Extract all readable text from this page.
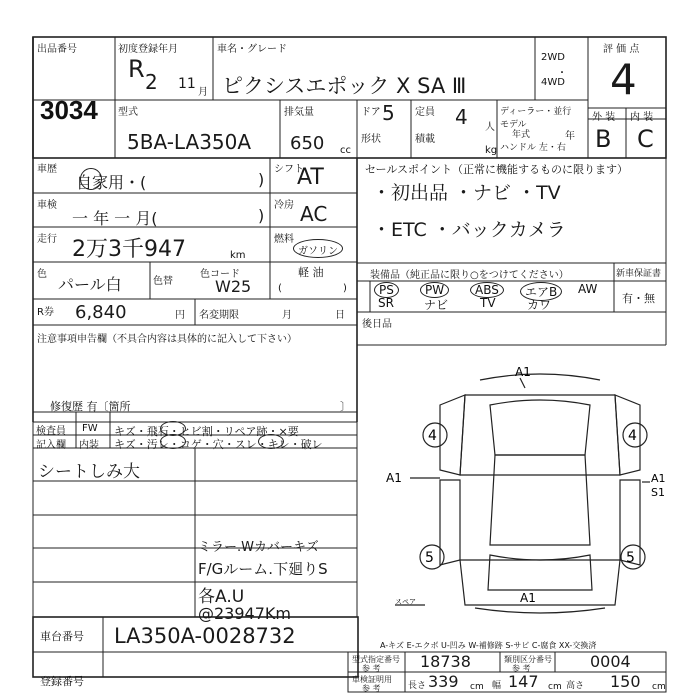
出品番号
3034
初度登録年月
R 2 11
月
車名・グレード
ピクシスエポック X SA Ⅲ
2WD
・
4WD
評 価 点
4
型式
5BA-LA350A
排気量
650 cc
ドア 5
形状
定員 4 人
積載
kg
ディーラー・並行
モデル
年式	年
ハンドル 左・右
外 装 内 装
B C
車歴
自家用・(	)
車検
一 年 一 月(	)
走行 2万3千947	km
色
パール白	色替
色コード
W25
シフト
AT
冷房 AC
燃料
ガソリン
軽 油
(	)
R券 6,840	円 名変期限	月	日
セールスポイント（正常に機能するものに限ります）
・初出品 ・ナビ ・TV
・ETC ・バックカメラ
装備品（純正品に限り○をつけてください）	新車保証書
有・無
PS	PW	ABS	エアB	AW
SR	ナビ	TV	カワ
後日品
注意事項申告欄（不具合内容は具体的に記入して下さい）
修復歴 有〔箇所	〕
検査員
記入欄
FW キズ・飛石・ヒビ割・リペア跡・×要
内装 キズ・汚レ・コゲ・穴・スレ・キレ・破レ
シートしみ大
ミラー.Wカバーキズ
F/Gルーム.下廻りS
各A.U
@23947Km
A1
4	4
A1	A1
S1
5	5
A1
スペア
A-キズ E-エクボ U-凹み W-補修跡 S-サビ C-腐食 XX-交換済
車台番号 LA350A-0028732
登録番号
型式指定番号
参 考 18738	類別区分番号
参 考	0004
車検証明用
参 考	長さ 339 cm 幅 147 cm 高さ 150 cm
